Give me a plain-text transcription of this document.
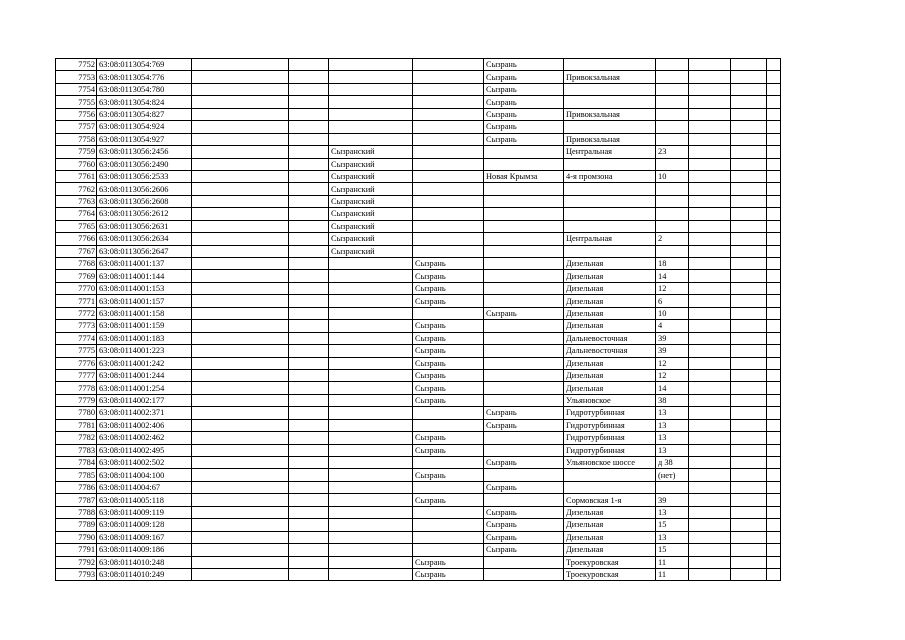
7752	63:08:0113054:769					Сызрань					
7753	63:08:0113054:776					Сызрань	Привокзальная				
7754	63:08:0113054:780					Сызрань					
7755	63:08:0113054:824					Сызрань					
7756	63:08:0113054:827					Сызрань	Привокзальная				
7757	63:08:0113054:924					Сызрань					
7758	63:08:0113054:927					Сызрань	Привокзальная				
7759	63:08:0113056:2456			Сызранский			Центральная	23			
7760	63:08:0113056:2490			Сызранский							
7761	63:08:0113056:2533			Сызранский		Новая Крымза	4-я промзона	10			
7762	63:08:0113056:2606			Сызранский							
7763	63:08:0113056:2608			Сызранский							
7764	63:08:0113056:2612			Сызранский							
7765	63:08:0113056:2631			Сызранский							
7766	63:08:0113056:2634			Сызранский			Центральная	2			
7767	63:08:0113056:2647			Сызранский							
7768	63:08:0114001:137				Сызрань		Дизельная	18			
7769	63:08:0114001:144				Сызрань		Дизельная	14			
7770	63:08:0114001:153				Сызрань		Дизельная	12			
7771	63:08:0114001:157				Сызрань		Дизельная	6			
7772	63:08:0114001:158					Сызрань	Дизельная	10			
7773	63:08:0114001:159				Сызрань		Дизельная	4			
7774	63:08:0114001:183				Сызрань		Дальневосточная	39			
7775	63:08:0114001:223				Сызрань		Дальневосточная	39			
7776	63:08:0114001:242				Сызрань		Дизельная	12			
7777	63:08:0114001:244				Сызрань		Дизельная	12			
7778	63:08:0114001:254				Сызрань		Дизельная	14			
7779	63:08:0114002:177				Сызрань		Ульяновское	38			
7780	63:08:0114002:371					Сызрань	Гидротурбинная	13			
7781	63:08:0114002:406					Сызрань	Гидротурбинная	13			
7782	63:08:0114002:462				Сызрань		Гидротурбинная	13			
7783	63:08:0114002:495				Сызрань		Гидротурбинная	13			
7784	63:08:0114002:502					Сызрань	Ульяновское шоссе	д 38			
7785	63:08:0114004:100				Сызрань			(нет)			
7786	63:08:0114004:67					Сызрань					
7787	63:08:0114005:118				Сызрань		Сормовская 1-я	39			
7788	63:08:0114009:119					Сызрань	Дизельная	13			
7789	63:08:0114009:128					Сызрань	Дизельная	15			
7790	63:08:0114009:167					Сызрань	Дизельная	13			
7791	63:08:0114009:186					Сызрань	Дизельная	15			
7792	63:08:0114010:248				Сызрань		Троекуровская	11			
7793	63:08:0114010:249				Сызрань		Троекуровская	11			
